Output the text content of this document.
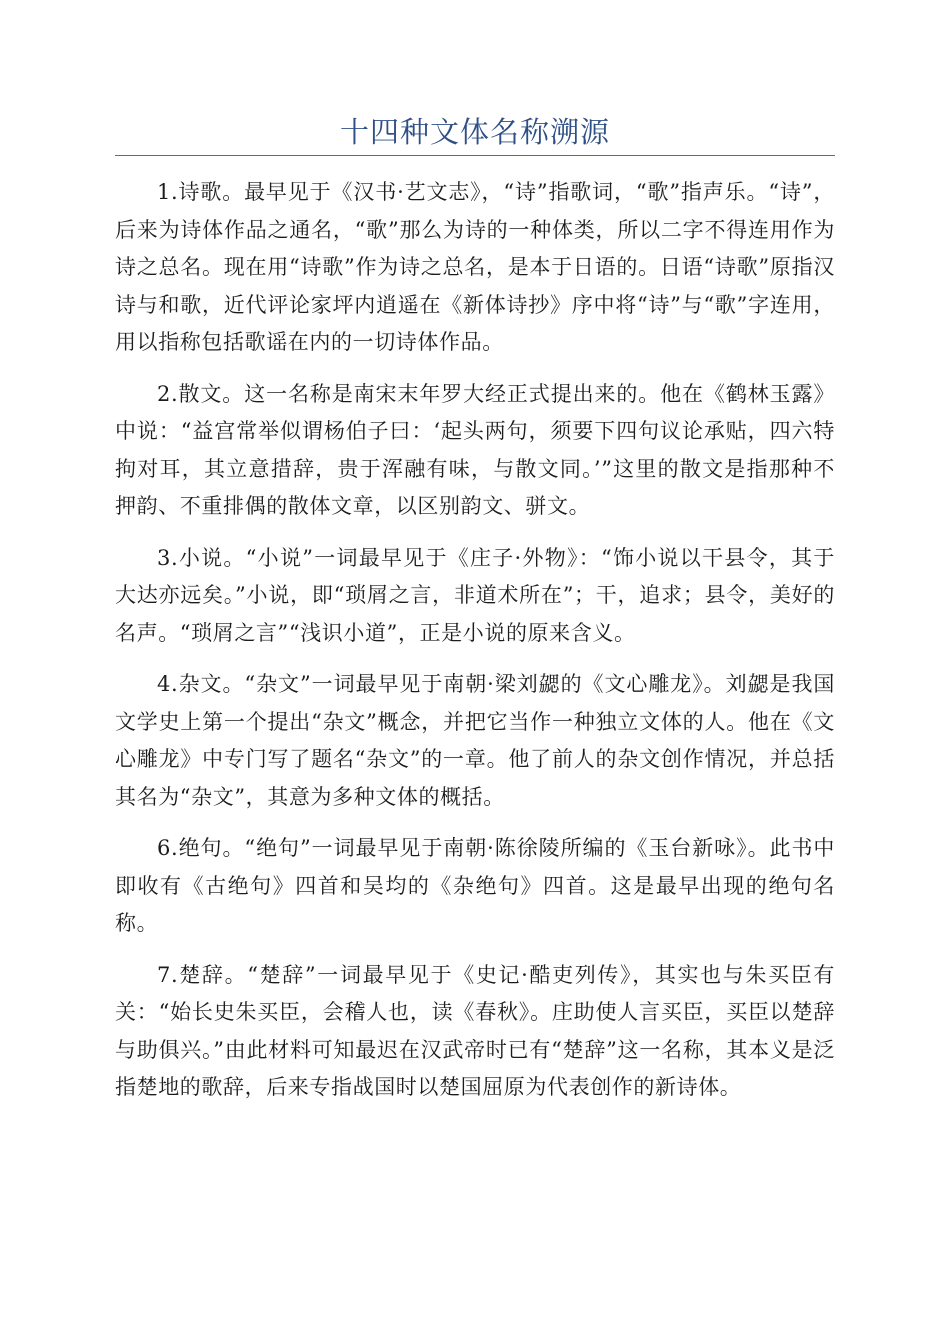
十四种文体名称溯源

1.诗歌。最早见于《汉书·艺文志》，“诗”指歌词，“歌”指声乐。“诗”，后来为诗体作品之通名，“歌”那么为诗的一种体类，所以二字不得连用作为诗之总名。现在用“诗歌”作为诗之总名，是本于日语的。日语“诗歌”原指汉诗与和歌，近代评论家坪内逍遥在《新体诗抄》序中将“诗”与“歌”字连用，用以指称包括歌谣在内的一切诗体作品。

2.散文。这一名称是南宋末年罗大经正式提出来的。他在《鹤林玉露》中说：“益宫常举似谓杨伯子曰：‘起头两句，须要下四句议论承贴，四六特拘对耳，其立意措辞，贵于浑融有味，与散文同。’”这里的散文是指那种不押韵、不重排偶的散体文章，以区别韵文、骈文。

3.小说。“小说”一词最早见于《庄子·外物》：“饰小说以干县令，其于大达亦远矣。”小说，即“琐屑之言，非道术所在”；干，追求；县令，美好的名声。“琐屑之言”“浅识小道”，正是小说的原来含义。

4.杂文。“杂文”一词最早见于南朝·梁刘勰的《文心雕龙》。刘勰是我国文学史上第一个提出“杂文”概念，并把它当作一种独立文体的人。他在《文心雕龙》中专门写了题名“杂文”的一章。他了前人的杂文创作情况，并总括其名为“杂文”，其意为多种文体的概括。

6.绝句。“绝句”一词最早见于南朝·陈徐陵所编的《玉台新咏》。此书中即收有《古绝句》四首和吴均的《杂绝句》四首。这是最早出现的绝句名称。

7.楚辞。“楚辞”一词最早见于《史记·酷吏列传》，其实也与朱买臣有关：“始长史朱买臣，会稽人也，读《春秋》。庄助使人言买臣，买臣以楚辞与助俱兴。”由此材料可知最迟在汉武帝时已有“楚辞”这一名称，其本义是泛指楚地的歌辞，后来专指战国时以楚国屈原为代表创作的新诗体。
